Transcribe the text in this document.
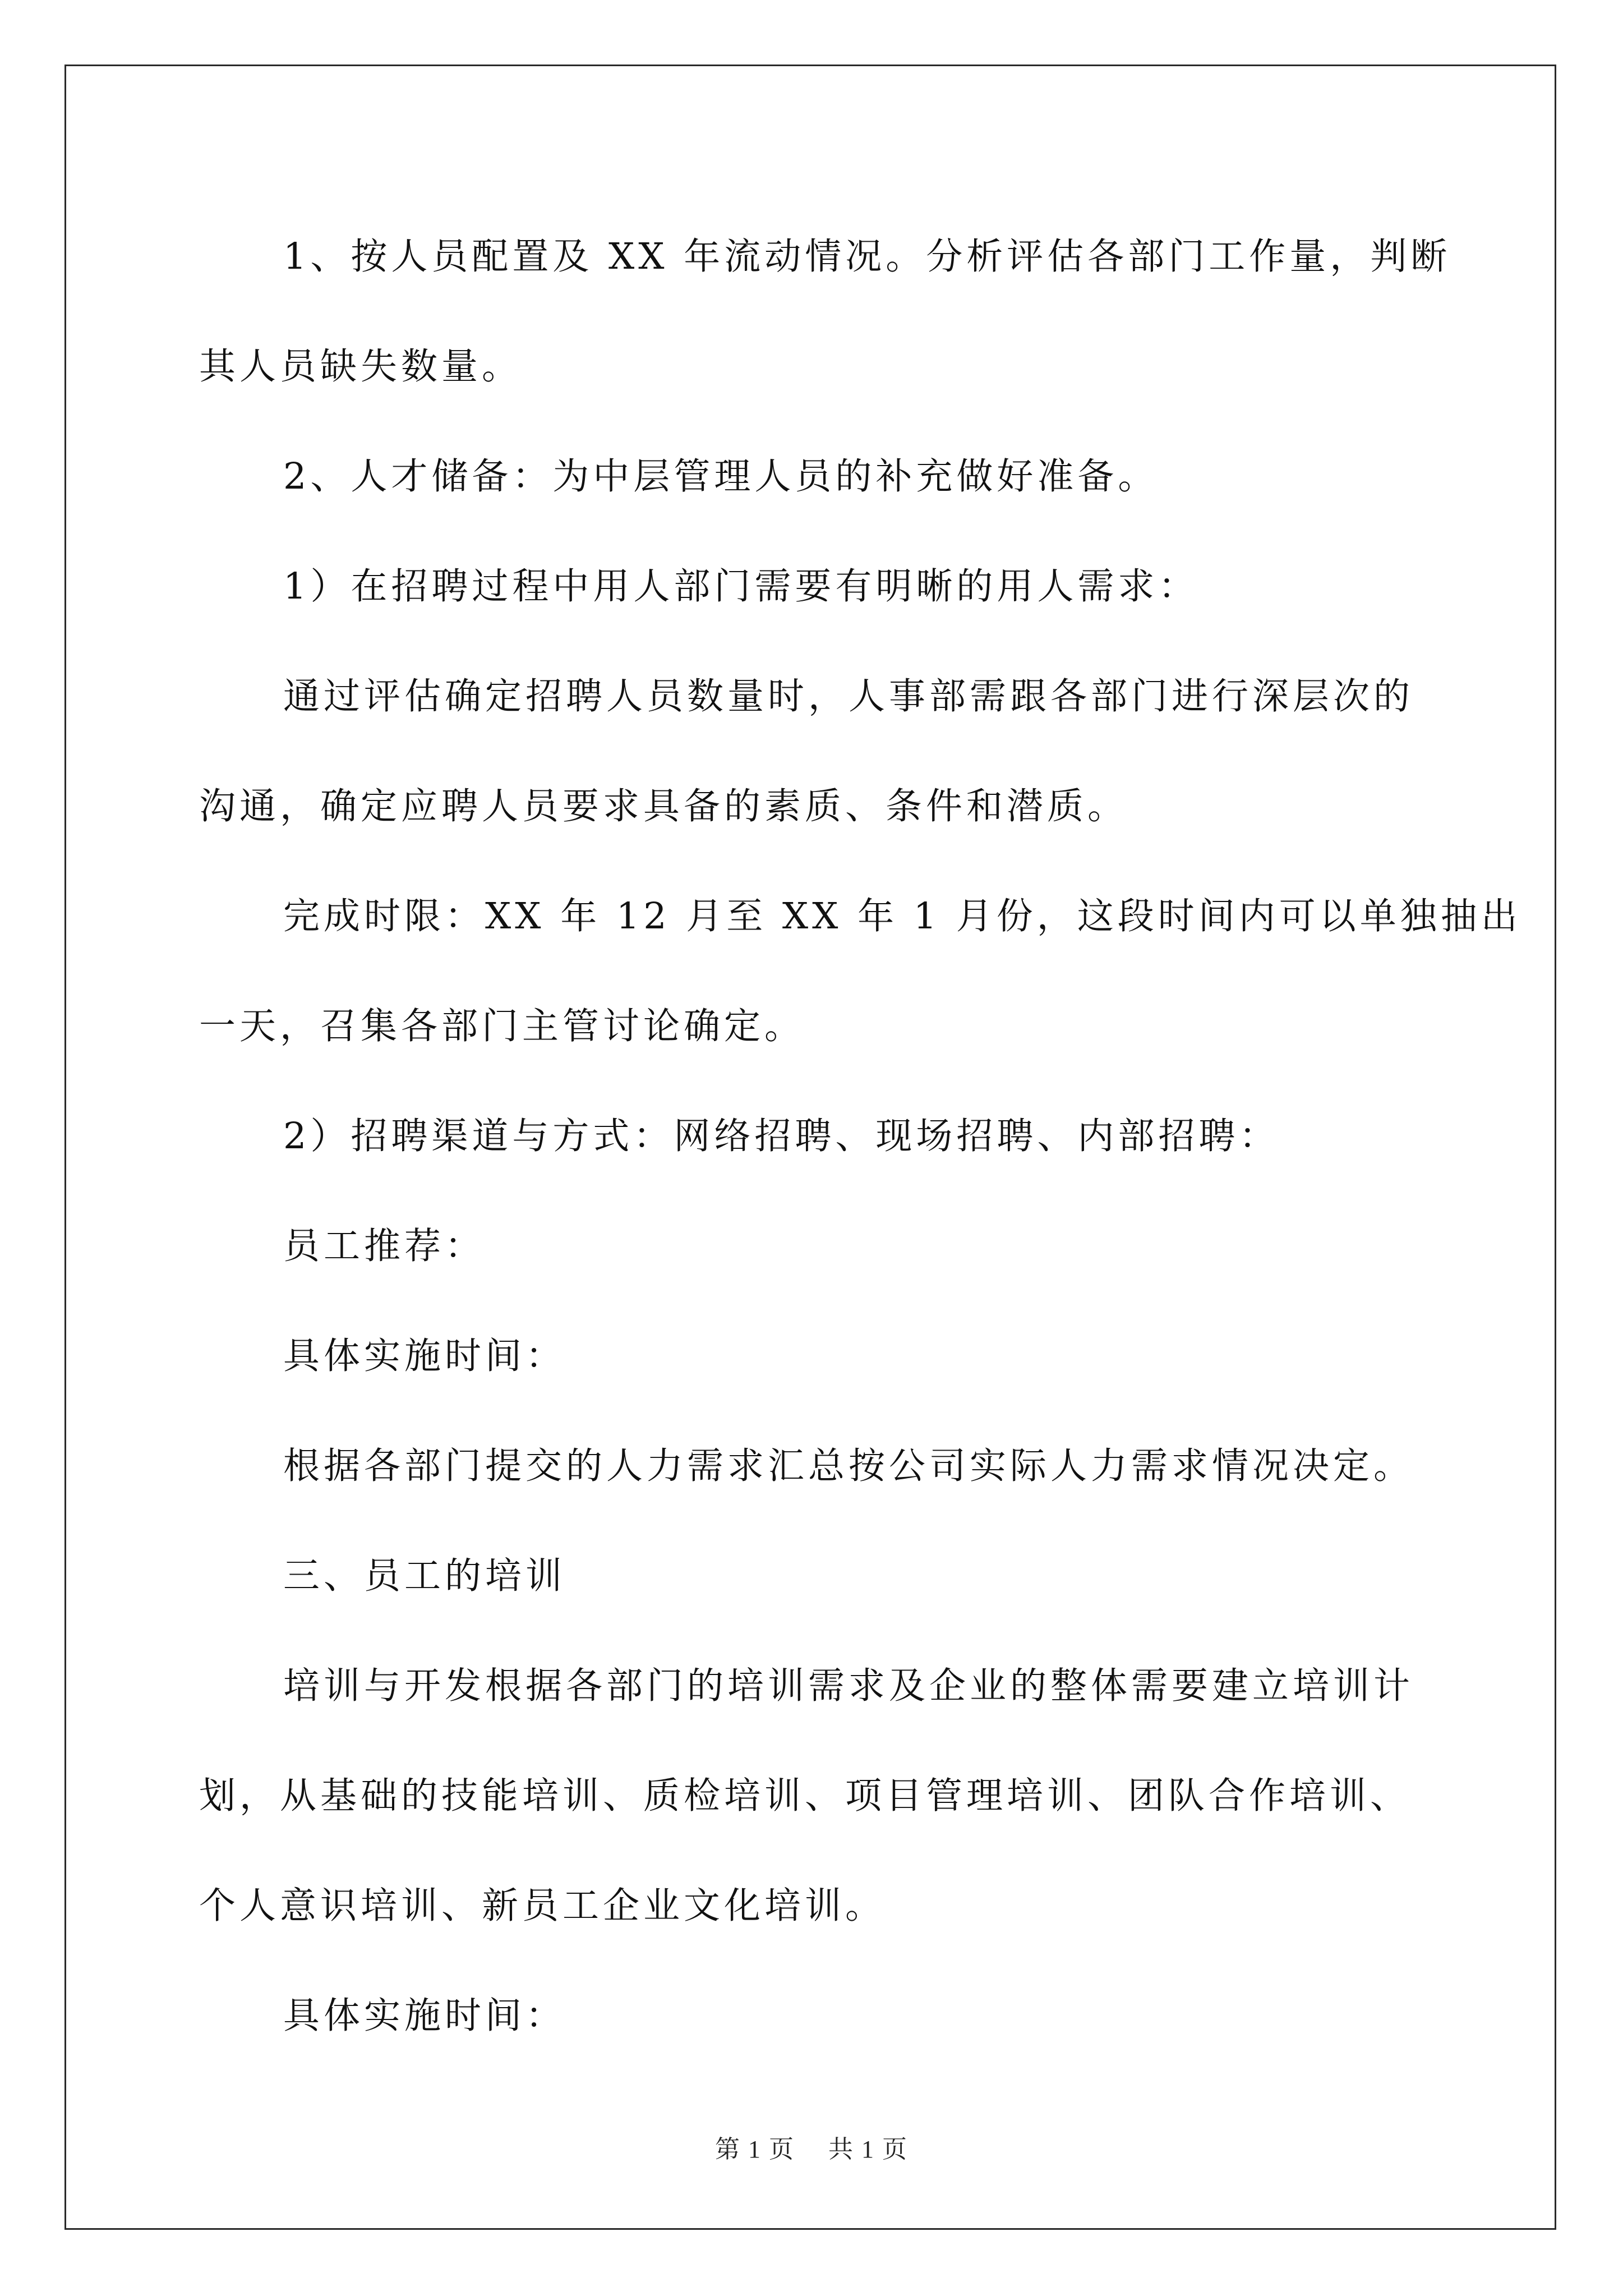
1、按人员配置及 XX 年流动情况。分析评估各部门工作量，判断
其人员缺失数量。

2、人才储备：为中层管理人员的补充做好准备。

1）在招聘过程中用人部门需要有明晰的用人需求：

通过评估确定招聘人员数量时，人事部需跟各部门进行深层次的
沟通，确定应聘人员要求具备的素质、条件和潜质。

完成时限：XX 年 12 月至 XX 年 1 月份，这段时间内可以单独抽出
一天，召集各部门主管讨论确定。

2）招聘渠道与方式：网络招聘、现场招聘、内部招聘：

员工推荐：

具体实施时间：

根据各部门提交的人力需求汇总按公司实际人力需求情况决定。

三、员工的培训

培训与开发根据各部门的培训需求及企业的整体需要建立培训计
划，从基础的技能培训、质检培训、项目管理培训、团队合作培训、
个人意识培训、新员工企业文化培训。

具体实施时间：

第 1 页 共 1 页
